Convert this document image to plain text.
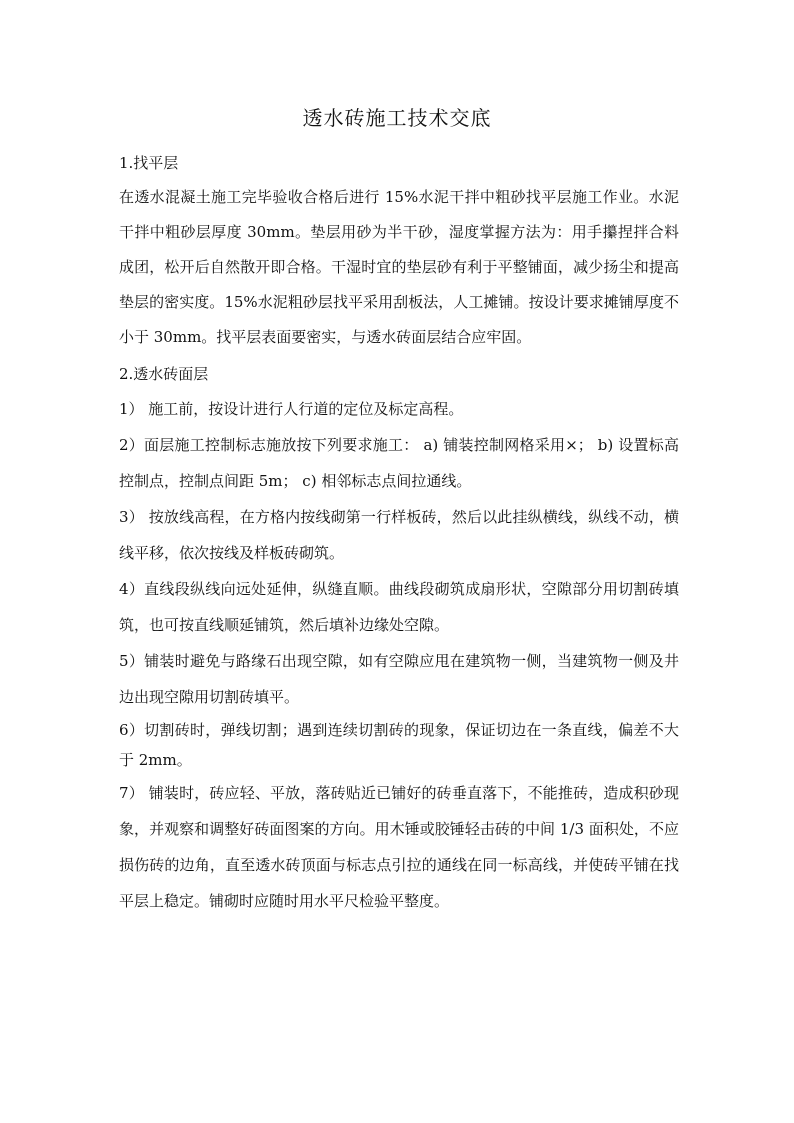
透水砖施工技术交底
1.找平层

在透水混凝土施工完毕验收合格后进行 15%水泥干拌中粗砂找平层施工作业。水泥干拌中粗砂层厚度 30mm。垫层用砂为半干砂，湿度掌握方法为：用手攥捏拌合料成团，松开后自然散开即合格。干湿时宜的垫层砂有利于平整铺面，减少扬尘和提高垫层的密实度。15%水泥粗砂层找平采用刮板法，人工摊铺。按设计要求摊铺厚度不小于 30mm。找平层表面要密实，与透水砖面层结合应牢固。

2.透水砖面层
1） 施工前，按设计进行人行道的定位及标定高程。
2）面层施工控制标志施放按下列要求施工： a) 铺装控制网格采用×； b) 设置标高控制点，控制点间距 5m； c) 相邻标志点间拉通线。
3） 按放线高程，在方格内按线砌第一行样板砖，然后以此挂纵横线，纵线不动，横线平移，依次按线及样板砖砌筑。
4）直线段纵线向远处延伸，纵缝直顺。曲线段砌筑成扇形状，空隙部分用切割砖填筑，也可按直线顺延铺筑，然后填补边缘处空隙。
5）铺装时避免与路缘石出现空隙，如有空隙应甩在建筑物一侧，当建筑物一侧及井边出现空隙用切割砖填平。
6）切割砖时，弹线切割；遇到连续切割砖的现象，保证切边在一条直线，偏差不大于 2mm。
7） 铺装时，砖应轻、平放，落砖贴近已铺好的砖垂直落下，不能推砖，造成积砂现象，并观察和调整好砖面图案的方向。用木锤或胶锤轻击砖的中间 1/3 面积处，不应损伤砖的边角，直至透水砖顶面与标志点引拉的通线在同一标高线，并使砖平铺在找平层上稳定。铺砌时应随时用水平尺检验平整度。
